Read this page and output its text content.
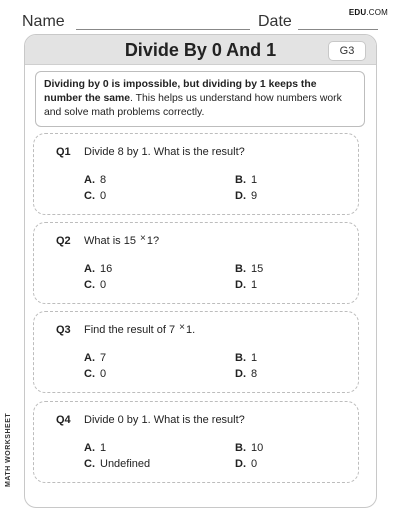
Name	Date
EDU.COM
Divide By 0 And 1	G3
Dividing by 0 is impossible, but dividing by 1 keeps the number the same. This helps us understand how numbers work and solve math problems correctly.
Q1 Divide 8 by 1. What is the result?
A. 8	B. 1
C. 0	D. 9
Q2 What is 15 ×1?
A. 16	B. 15
C. 0	D. 1
Q3 Find the result of 7 ×1.
A. 7	B. 1
C. 0	D. 8
Q4 Divide 0 by 1. What is the result?
A. 1	B. 10
C. Undefined	D. 0
MATH WORKSHEET
